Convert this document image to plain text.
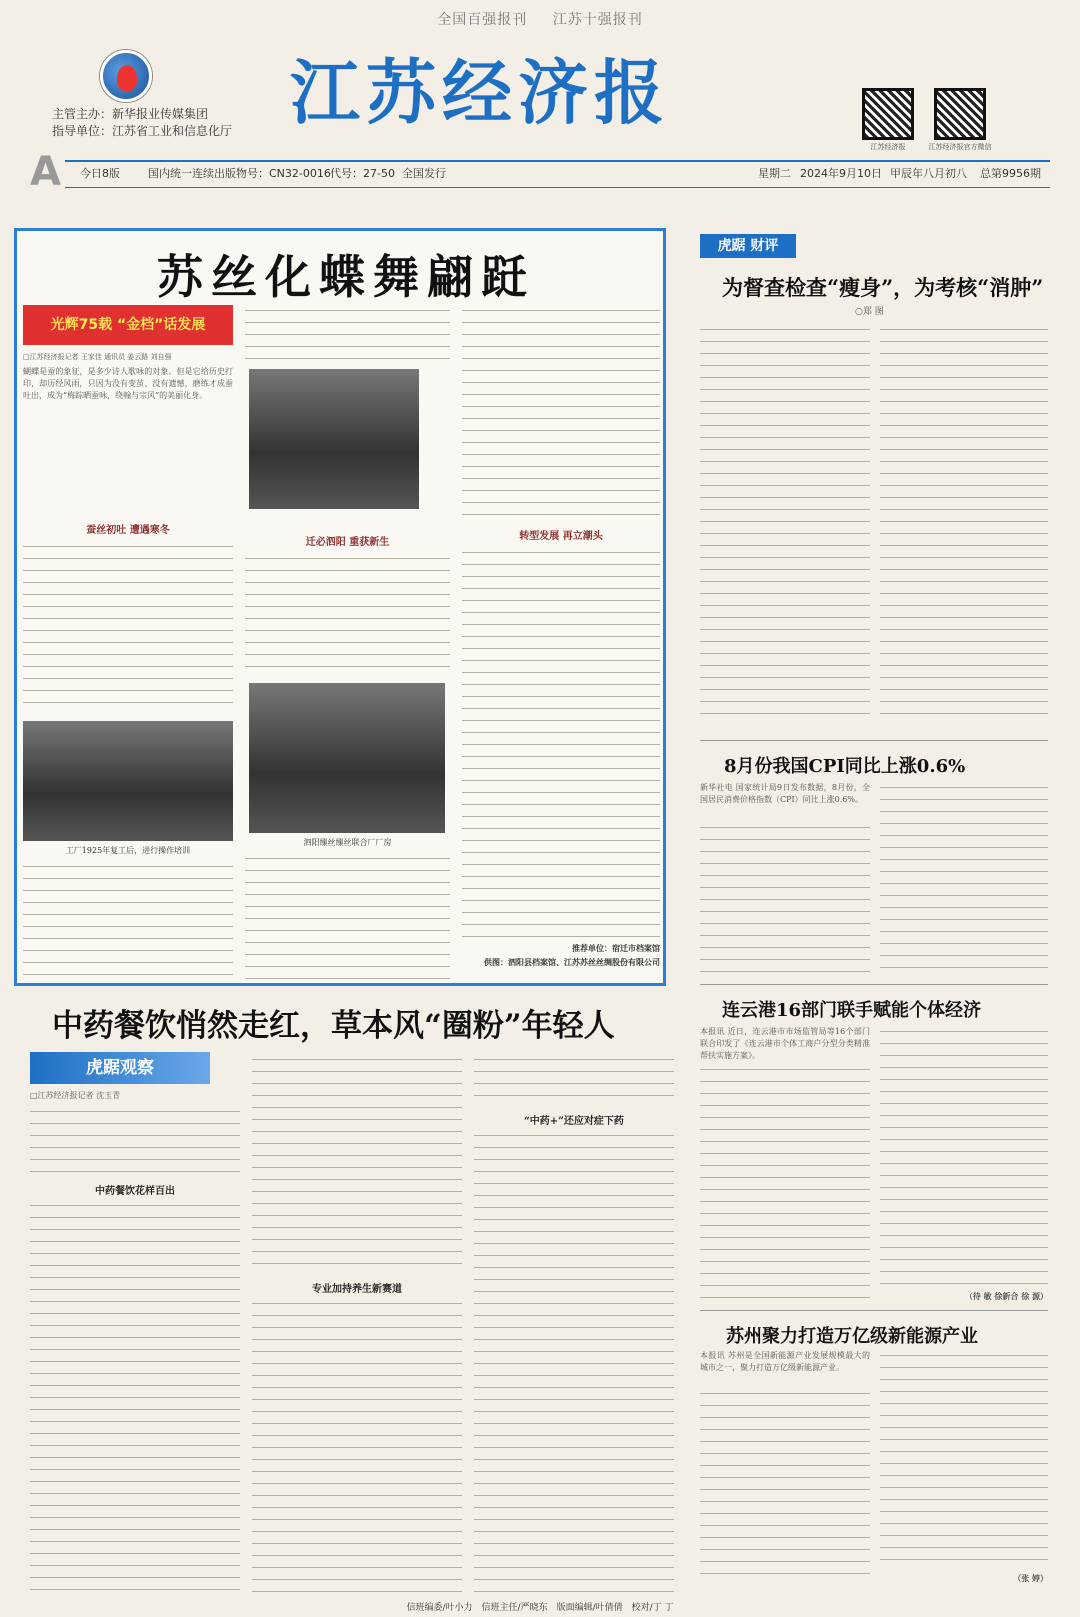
全国百强报刊 江苏十强报刊
主管主办：新华报业传媒集团
指导单位：江苏省工业和信息化厅 江苏经济报
江苏经济报	江苏经济报官方微信
今日8版	国内统一连续出版物号：CN32-0016 代号：27-50 全国发行	星期二 2024年9月10日 甲辰年八月初八 总第9956期
A
苏丝化蝶舞翩跹
光辉75载 “金档”话发展
□江苏经济报记者 王家佳 通讯员 姜云路 刘自强
蝴蝶是蚕的象征，是多少诗人歌咏的对象。但是它给历史打印，却历经风雨，只因为没有变茧、没有遗憾，磨练才成蚕吐出，成为“梅踪晒蚕咏，绕翰与宗风”的美丽化身。
蚕丝初吐 遭遇寒冬
工厂1925年复工后，进行操作培训
迁必泗阳 重获新生
泗阳缫丝缫丝联合厂厂房
转型发展 再立潮头
推荐单位：宿迁市档案馆
供图：泗阳县档案馆、江苏苏丝丝绸股份有限公司
虎踞 财评
为督查检查“瘦身”，为考核“消肿”
○郑 图
8月份我国CPI同比上涨0.6%
新华社电 国家统计局9日发布数据，8月份，全国居民消费价格指数（CPI）同比上涨0.6%。
连云港16部门联手赋能个体经济
本报讯 近日，连云港市市场监管局等16个部门联合印发了《连云港市个体工商户分型分类精准帮扶实施方案》。
（待 敏 徐新合 徐 源）
苏州聚力打造万亿级新能源产业
本报讯 苏州是全国新能源产业发展规模最大的城市之一，聚力打造万亿级新能源产业。
（张 婷）
中药餐饮悄然走红，草本风“圈粉”年轻人
虎踞观察
□江苏经济报记者 沈玉青
中药餐饮花样百出
专业加持养生新赛道
“中药+”还应对症下药
信班编委/叶小力　信班主任/严晓东　版面编辑/叶倩倩　校对/丁 丁
